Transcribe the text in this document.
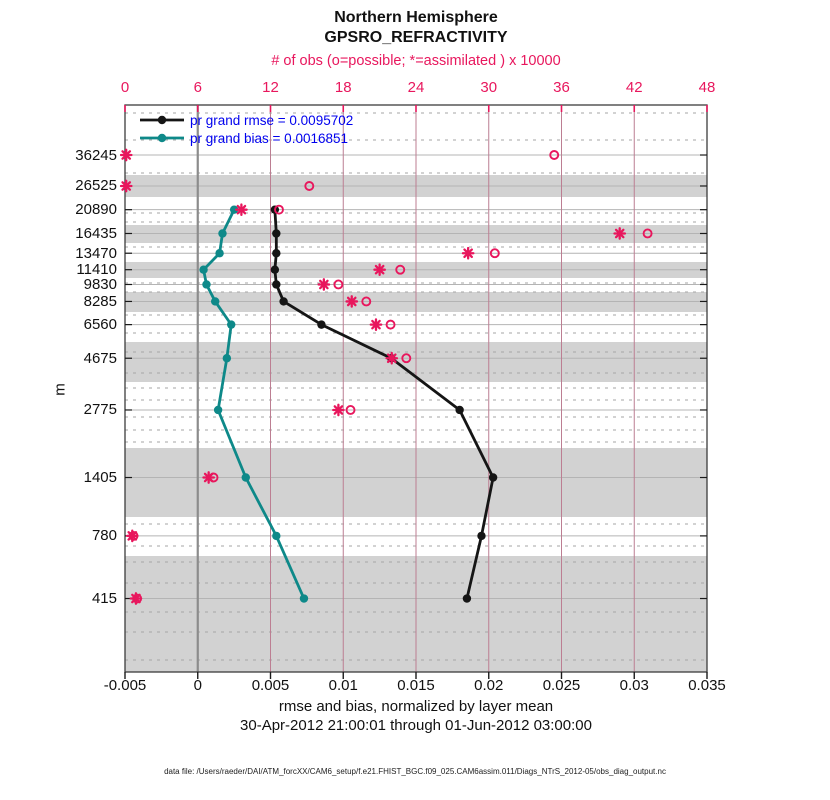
Northern Hemisphere
GPSRO_REFRACTIVITY
# of obs (o=possible; *=assimilated ) x 10000
pr grand rmse = 0.0095702
pr grand bias = 0.0016851
m
rmse and bias, normalized by layer mean
30-Apr-2012 21:00:01 through 01-Jun-2012 03:00:00
data file: /Users/raeder/DAI/ATM_forcXX/CAM6_setup/f.e21.FHIST_BGC.f09_025.CAM6assim.011/Diags_NTrS_2012-05/obs_diag_output.nc
0	6	12	18	24	30	36	42	48
-0.005	0	0.005	0.01	0.015	0.02	0.025	0.03	0.035
36245
26525
20890
16435
13470
11410
9830
8285
6560
4675
2775
1405
780
415
